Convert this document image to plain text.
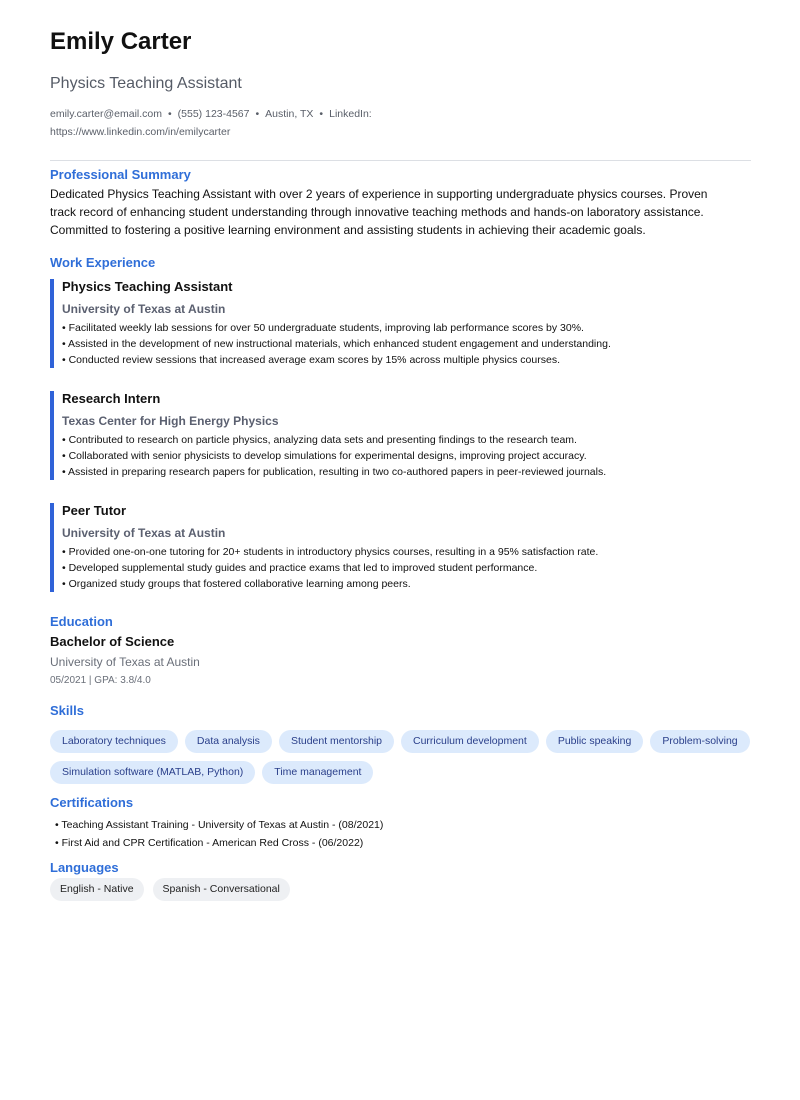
Emily Carter
Physics Teaching Assistant
emily.carter@email.com • (555) 123-4567 • Austin, TX • LinkedIn:
https://www.linkedin.com/in/emilycarter
Professional Summary

Dedicated Physics Teaching Assistant with over 2 years of experience in supporting undergraduate physics courses. Proven track record of enhancing student understanding through innovative teaching methods and hands-on laboratory assistance. Committed to fostering a positive learning environment and assisting students in achieving their academic goals.

Work Experience
Physics Teaching Assistant
University of Texas at Austin
• Facilitated weekly lab sessions for over 50 undergraduate students, improving lab performance scores by 30%.
• Assisted in the development of new instructional materials, which enhanced student engagement and understanding.
• Conducted review sessions that increased average exam scores by 15% across multiple physics courses.
Research Intern
Texas Center for High Energy Physics
• Contributed to research on particle physics, analyzing data sets and presenting findings to the research team.
• Collaborated with senior physicists to develop simulations for experimental designs, improving project accuracy.
• Assisted in preparing research papers for publication, resulting in two co-authored papers in peer-reviewed journals.
Peer Tutor
University of Texas at Austin
• Provided one-on-one tutoring for 20+ students in introductory physics courses, resulting in a 95% satisfaction rate.
• Developed supplemental study guides and practice exams that led to improved student performance.
• Organized study groups that fostered collaborative learning among peers.
Education
Bachelor of Science
University of Texas at Austin
05/2021 | GPA: 3.8/4.0
Skills
Laboratory techniques	Data analysis	Student mentorship	Curriculum development	Public speaking	Problem-solving
Simulation software (MATLAB, Python)	Time management
Certifications
• Teaching Assistant Training - University of Texas at Austin - (08/2021)
• First Aid and CPR Certification - American Red Cross - (06/2022)
Languages
English - Native	Spanish - Conversational
